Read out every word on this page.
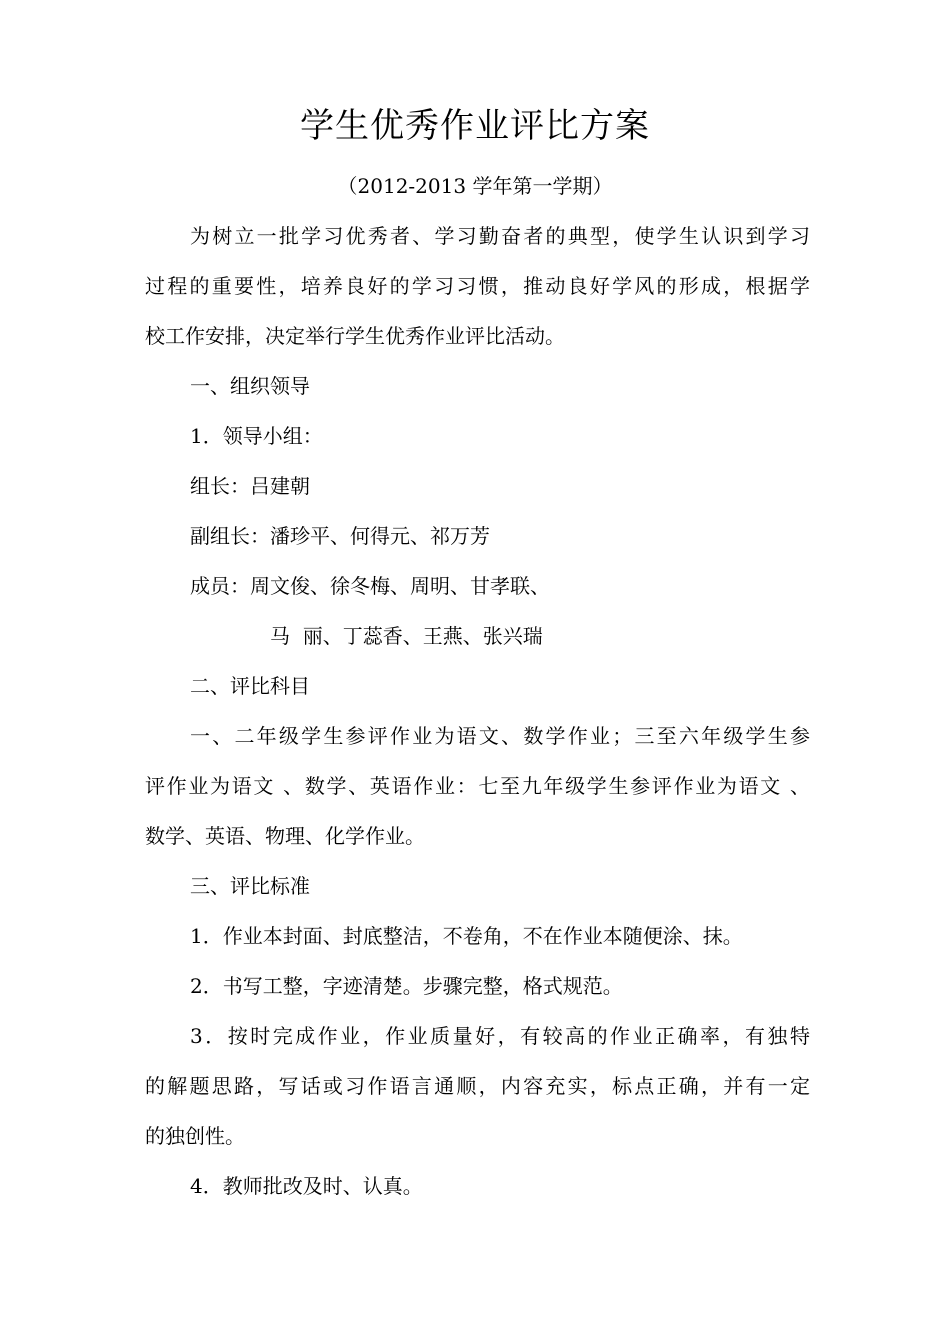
学生优秀作业评比方案
（2012-2013 学年第一学期）
为树立一批学习优秀者、学习勤奋者的典型，使学生认识到学习
过程的重要性，培养良好的学习习惯，推动良好学风的形成，根据学
校工作安排，决定举行学生优秀作业评比活动。
一、组织领导
1．领导小组：
组长：吕建朝
副组长：潘珍平、何得元、祁万芳
成员：周文俊、徐冬梅、周明、甘孝联、
马  丽、丁蕊香、王燕、张兴瑞
二、评比科目
一、二年级学生参评作业为语文、数学作业；三至六年级学生参
评作业为语文 、数学、英语作业：七至九年级学生参评作业为语文 、
数学、英语、物理、化学作业。
三、评比标准
1．作业本封面、封底整洁，不卷角，不在作业本随便涂、抹。
2．书写工整，字迹清楚。步骤完整，格式规范。
3．按时完成作业，作业质量好，有较高的作业正确率，有独特
的解题思路，写话或习作语言通顺，内容充实，标点正确，并有一定
的独创性。
4．教师批改及时、认真。
